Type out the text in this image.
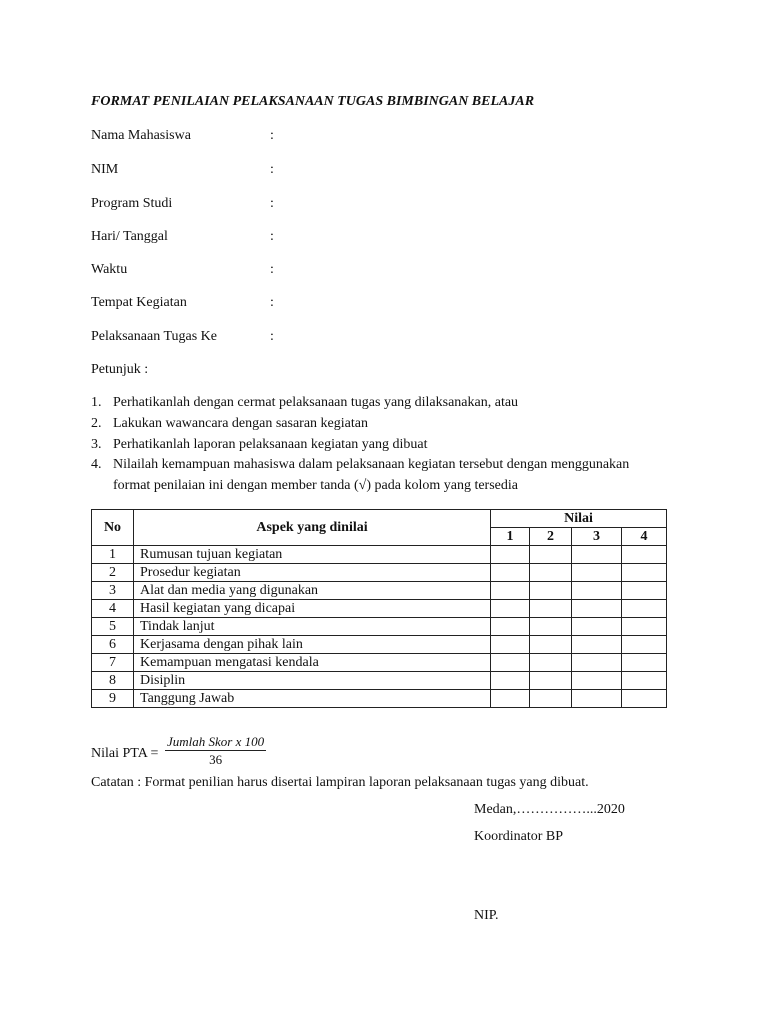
FORMAT PENILAIAN PELAKSANAAN TUGAS BIMBINGAN BELAJAR
Nama Mahasiswa	:
NIM	:
Program Studi	:
Hari/ Tanggal	:
Waktu	:
Tempat Kegiatan	:
Pelaksanaan Tugas Ke	:
Petunjuk :
1. Perhatikanlah dengan cermat pelaksanaan tugas yang dilaksanakan, atau
2. Lakukan wawancara dengan sasaran kegiatan
3. Perhatikanlah laporan pelaksanaan kegiatan yang dibuat
4. Nilailah kemampuan mahasiswa dalam pelaksanaan kegiatan tersebut dengan menggunakan
format penilaian ini dengan member tanda (√) pada kolom yang tersedia
No	Aspek yang dinilai	Nilai			
		1	2	3	4
1	Rumusan tujuan kegiatan				
2	Prosedur kegiatan				
3	Alat dan media yang digunakan				
4	Hasil kegiatan yang dicapai				
5	Tindak lanjut				
6	Kerjasama dengan pihak lain				
7	Kemampuan mengatasi kendala				
8	Disiplin				
9	Tanggung Jawab				
Nilai PTA =
Jumlah Skor x 100
36
Catatan : Format penilian harus disertai lampiran laporan pelaksanaan tugas yang dibuat.
Medan,……………...2020
Koordinator BP
NIP.
